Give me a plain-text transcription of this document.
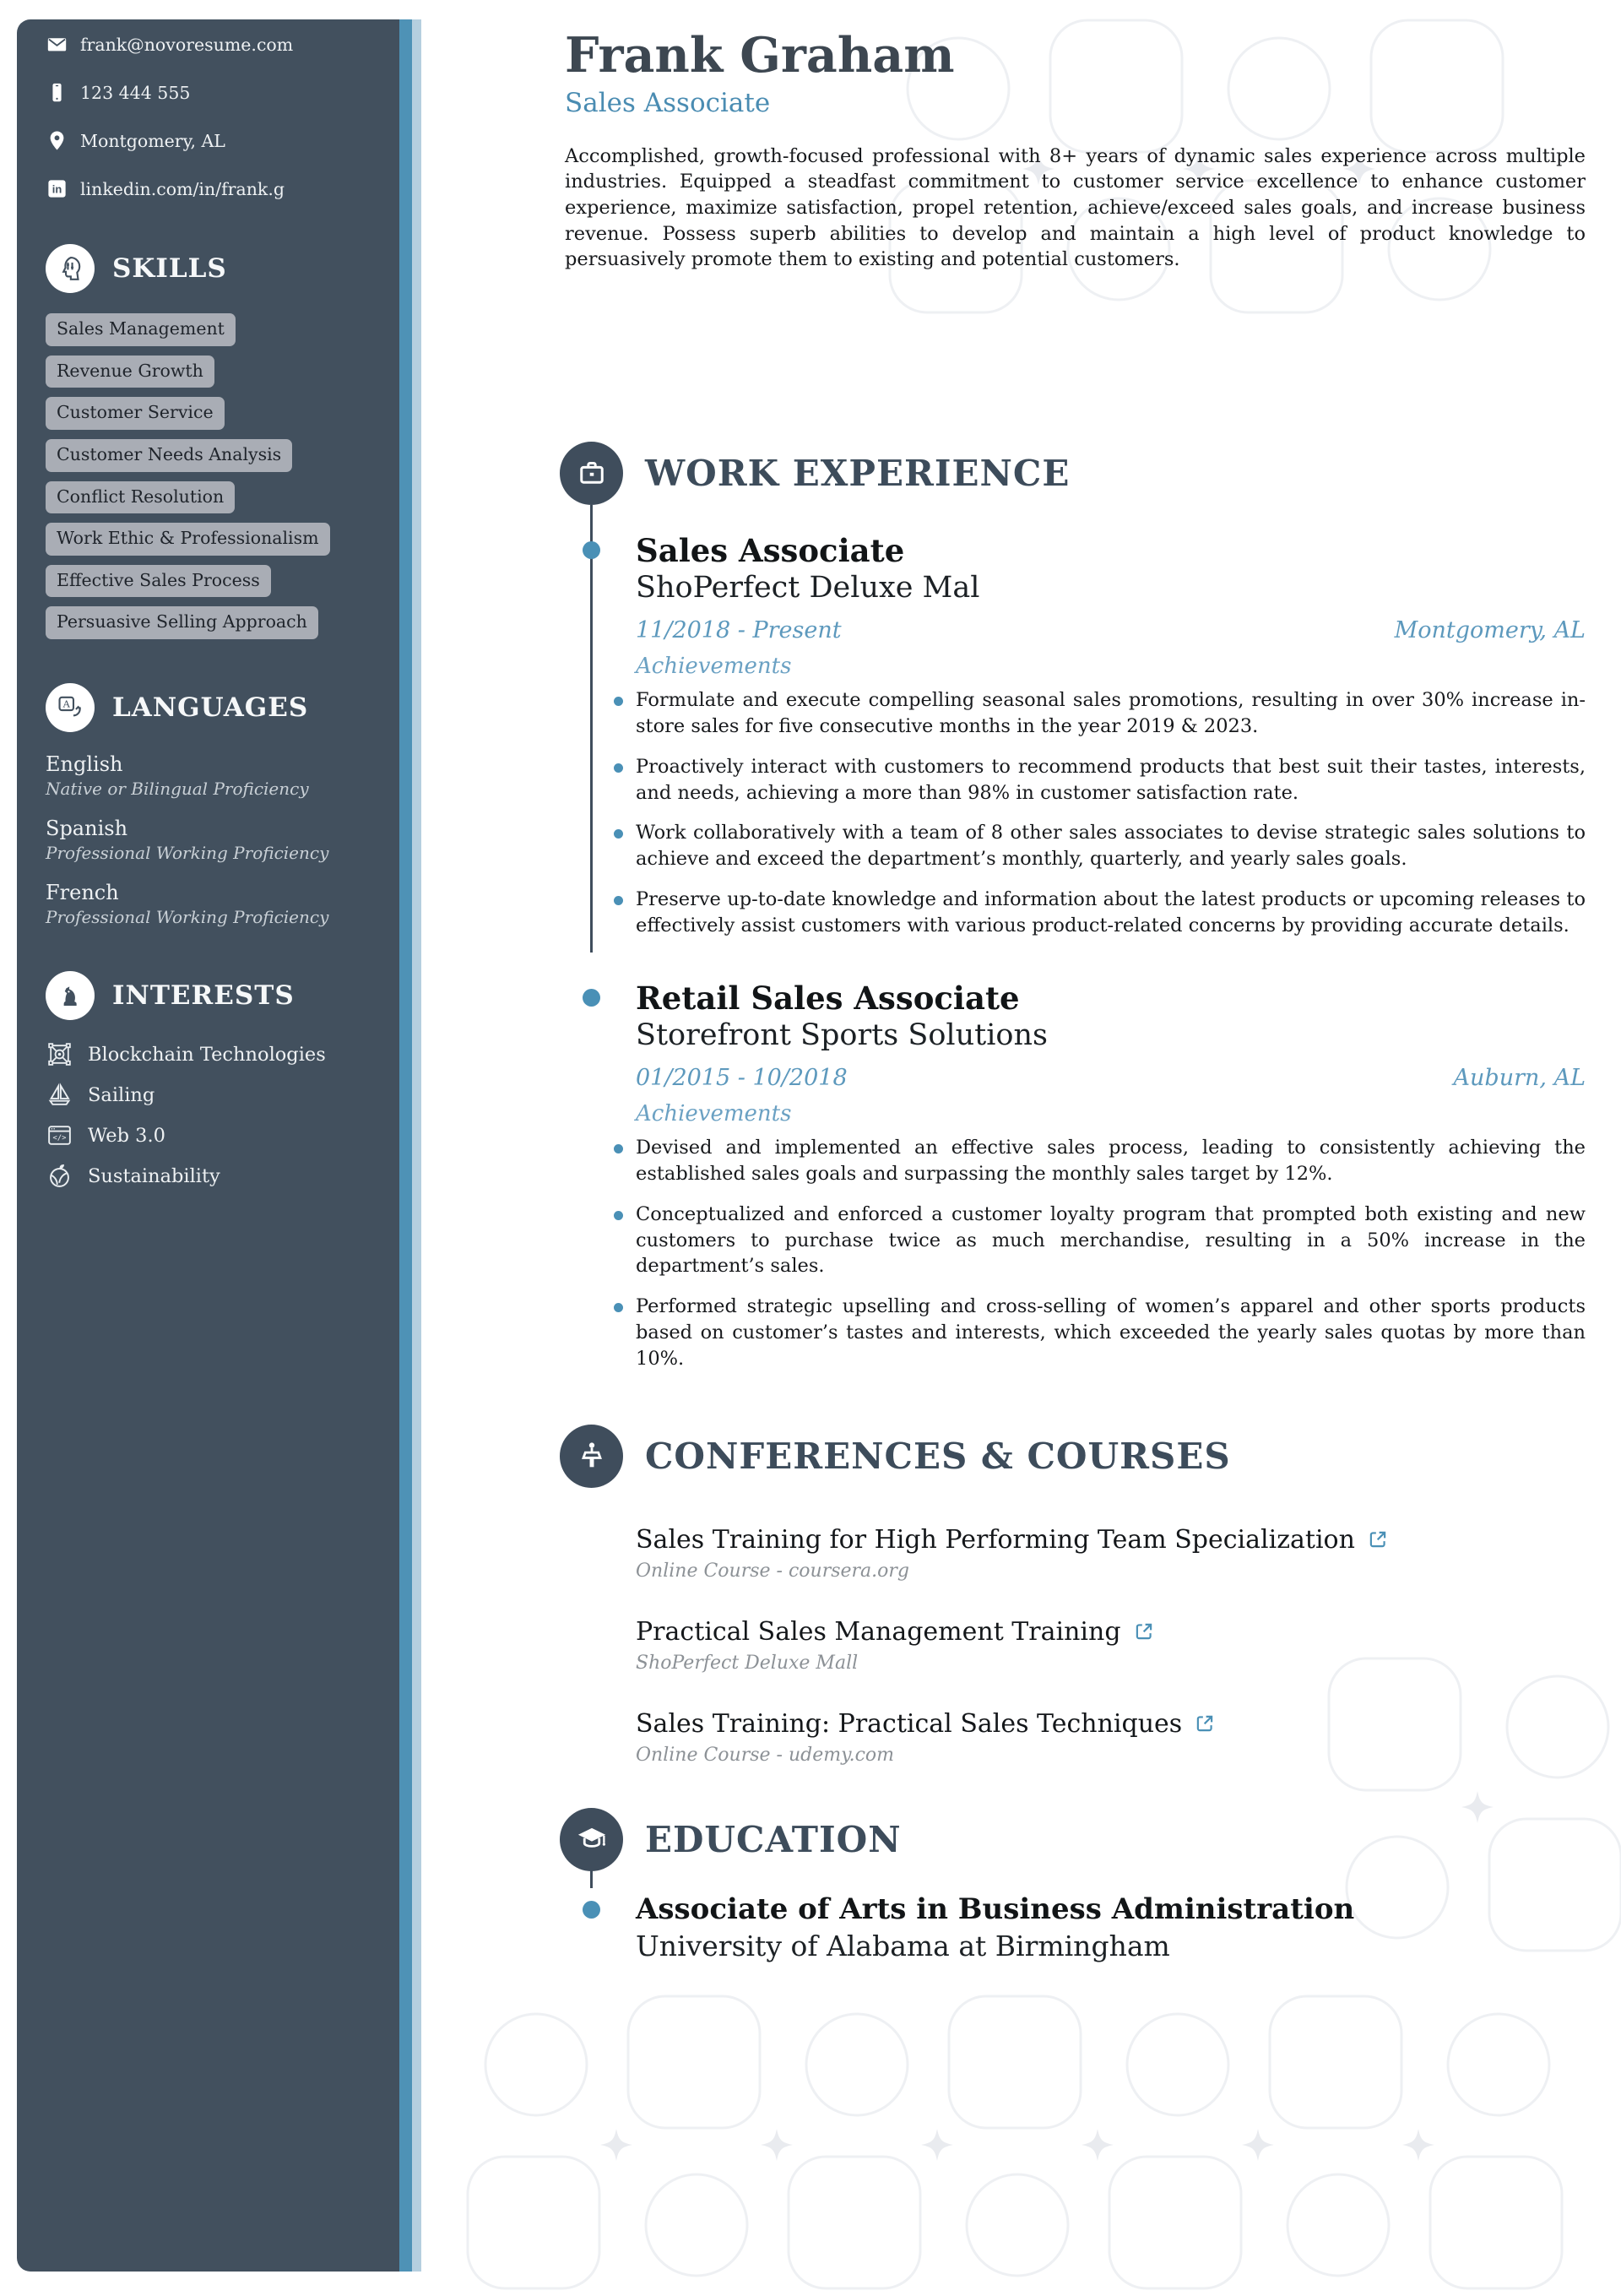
frank@novoresume.com
123 444 555
Montgomery, AL
in linkedin.com/in/frank.g
SKILLS
Sales Management
Revenue Growth
Customer Service
Customer Needs Analysis
Conflict Resolution
Work Ethic & Professionalism
Effective Sales Process
Persuasive Selling Approach
A LANGUAGES
English
Native or Bilingual Proficiency
Spanish
Professional Working Proficiency
French
Professional Working Proficiency
INTERESTS
Blockchain Technologies
Sailing
</> Web 3.0
Sustainability
Frank Graham
Sales Associate
Accomplished, growth-focused professional with 8+ years of dynamic sales experience across multiple industries. Equipped a steadfast commitment to customer service excellence to enhance customer experience, maximize satisfaction, propel retention, achieve/exceed sales goals, and increase business revenue. Possess superb abilities to develop and maintain a high level of product knowledge to persuasively promote them to existing and potential customers.
WORK EXPERIENCE
Sales Associate
ShoPerfect Deluxe Mal
11/2018 - Present	Montgomery, AL
Achievements
Formulate and execute compelling seasonal sales promotions, resulting in over 30% increase in-store sales for five consecutive months in the year 2019 & 2023.
Proactively interact with customers to recommend products that best suit their tastes, interests, and needs, achieving a more than 98% in customer satisfaction rate.
Work collaboratively with a team of 8 other sales associates to devise strategic sales solutions to achieve and exceed the department’s monthly, quarterly, and yearly sales goals.
Preserve up-to-date knowledge and information about the latest products or upcoming releases to effectively assist customers with various product-related concerns by providing accurate details.
Retail Sales Associate
Storefront Sports Solutions
01/2015 - 10/2018	Auburn, AL
Achievements
Devised and implemented an effective sales process, leading to consistently achieving the established sales goals and surpassing the monthly sales target by 12%.
Conceptualized and enforced a customer loyalty program that prompted both existing and new customers to purchase twice as much merchandise, resulting in a 50% increase in the department’s sales.
Performed strategic upselling and cross-selling of women’s apparel and other sports products based on customer’s tastes and interests, which exceeded the yearly sales quotas by more than 10%.
CONFERENCES & COURSES
Sales Training for High Performing Team Specialization
Online Course - coursera.org
Practical Sales Management Training
ShoPerfect Deluxe Mall
Sales Training: Practical Sales Techniques
Online Course - udemy.com
EDUCATION
Associate of Arts in Business Administration
University of Alabama at Birmingham
